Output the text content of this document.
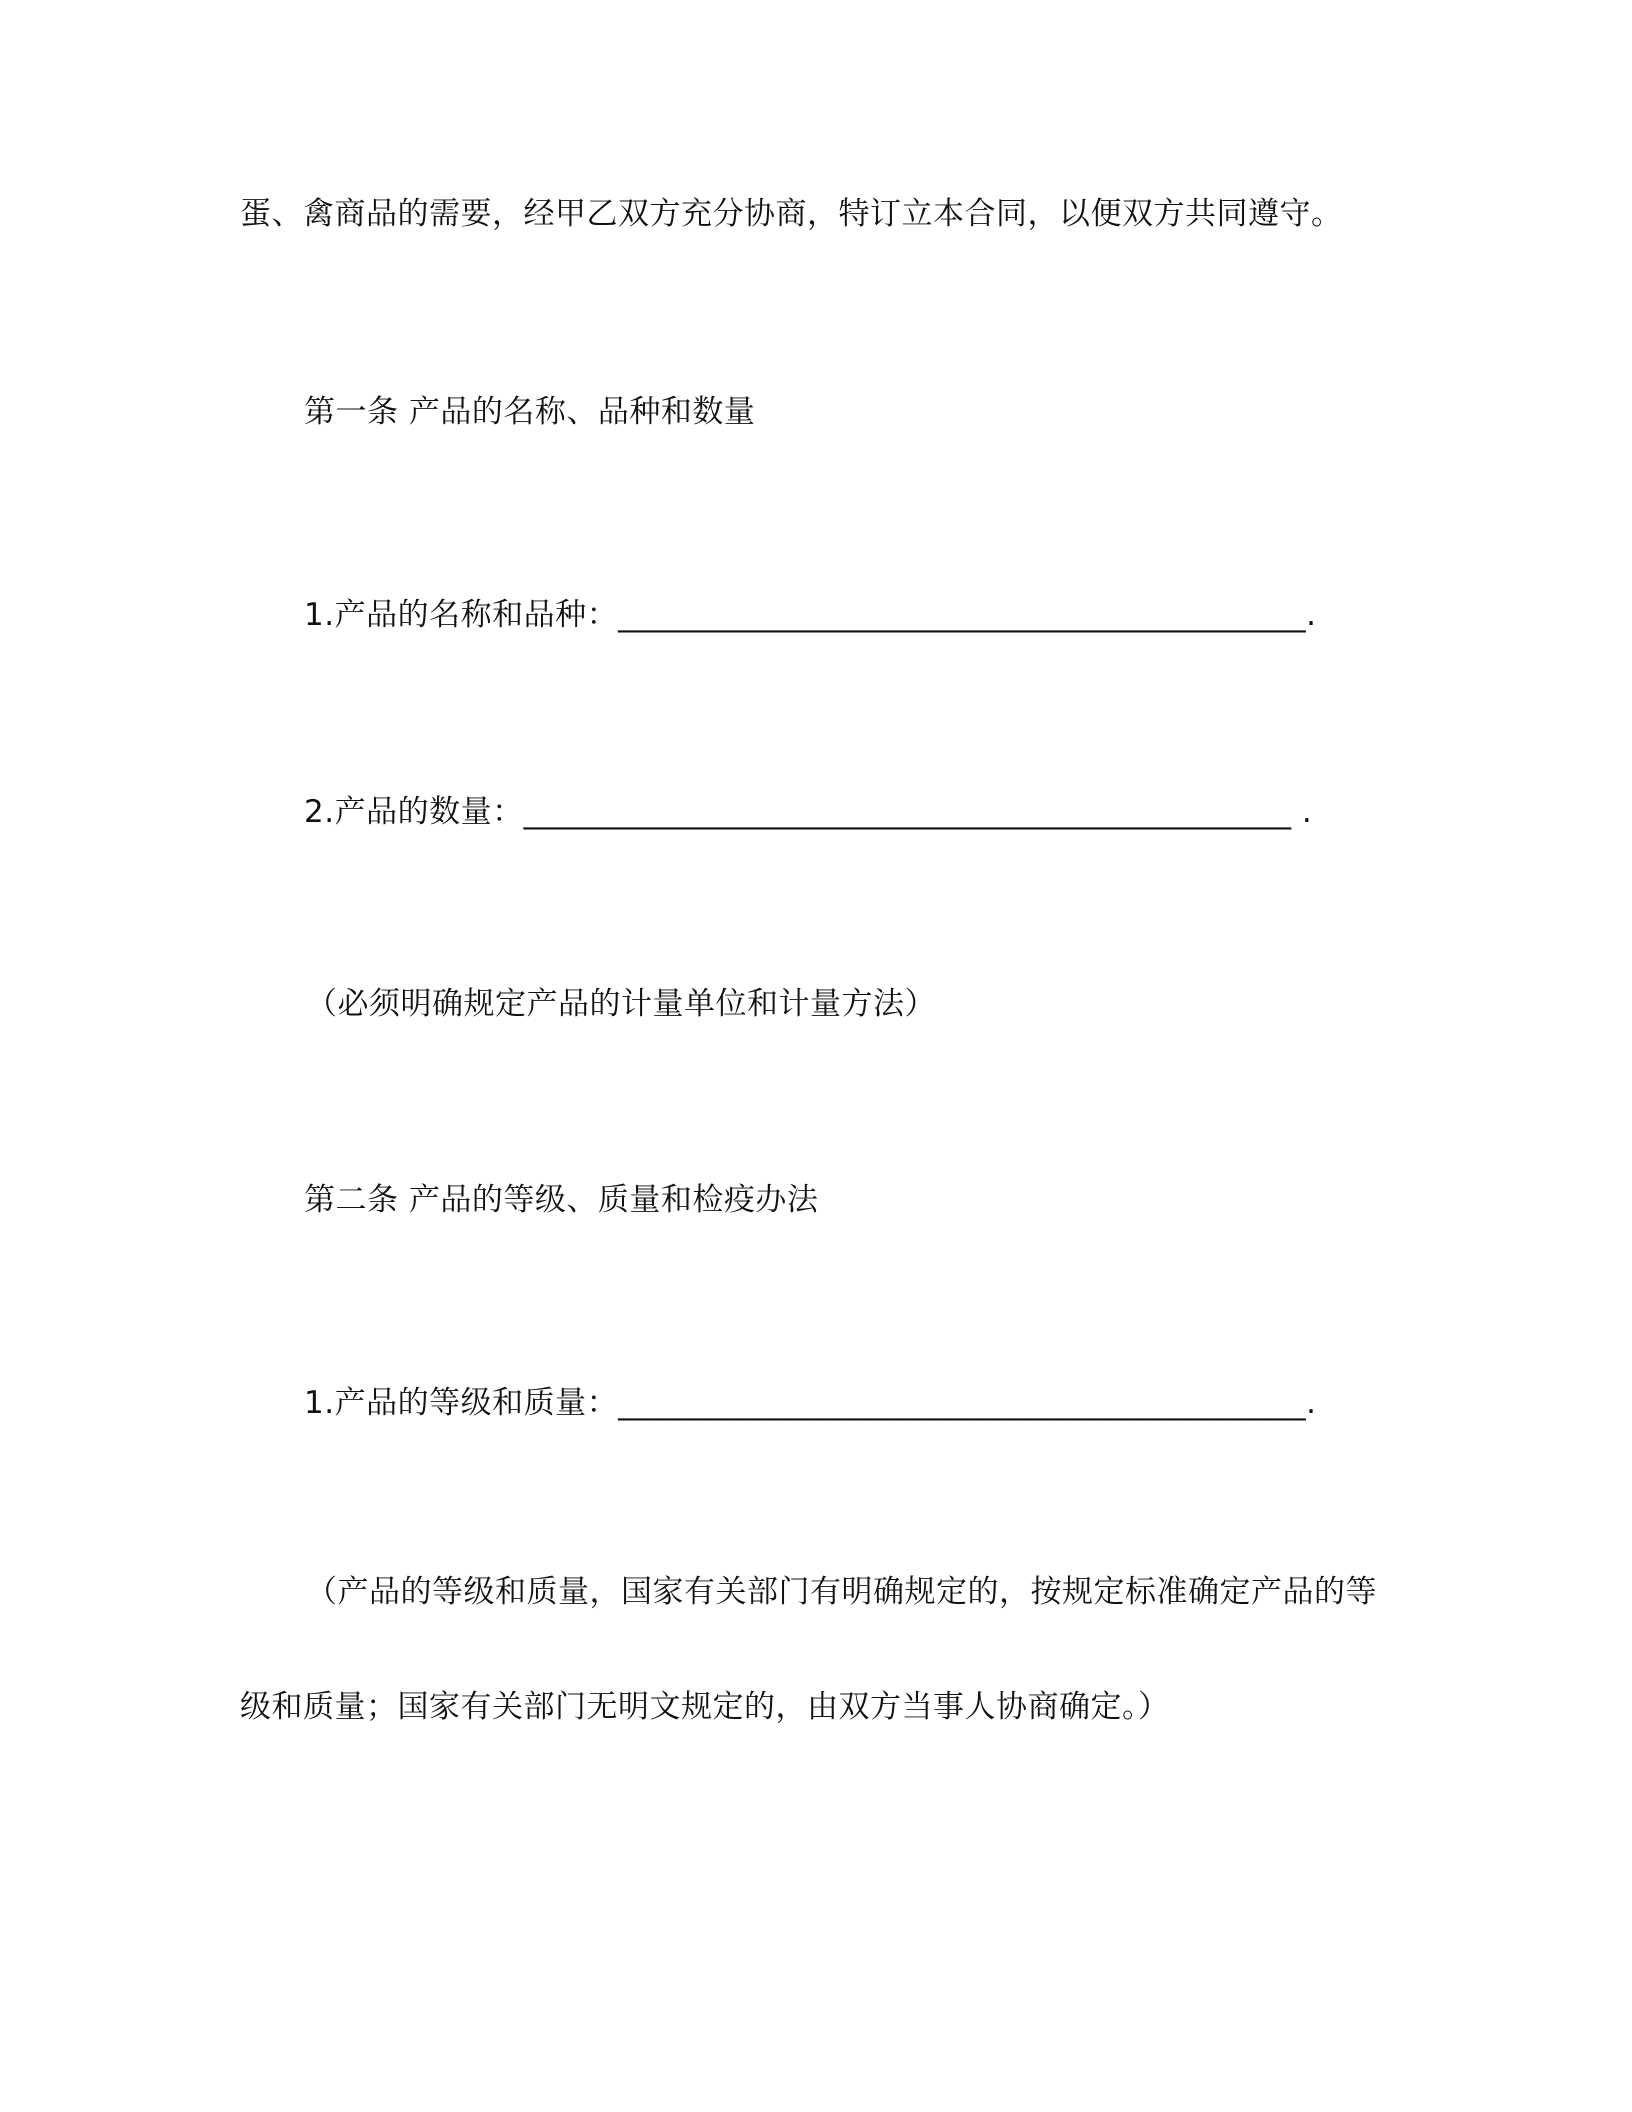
蛋、禽商品的需要，经甲乙双方充分协商，特订立本合同，以便双方共同遵守。
第一条 产品的名称、品种和数量
1.产品的名称和品种：___________________________________________.
2.产品的数量：________________________________________________ .
（必须明确规定产品的计量单位和计量方法）
第二条 产品的等级、质量和检疫办法
1.产品的等级和质量：___________________________________________.
（产品的等级和质量，国家有关部门有明确规定的，按规定标准确定产品的等
级和质量；国家有关部门无明文规定的，由双方当事人协商确定。）
